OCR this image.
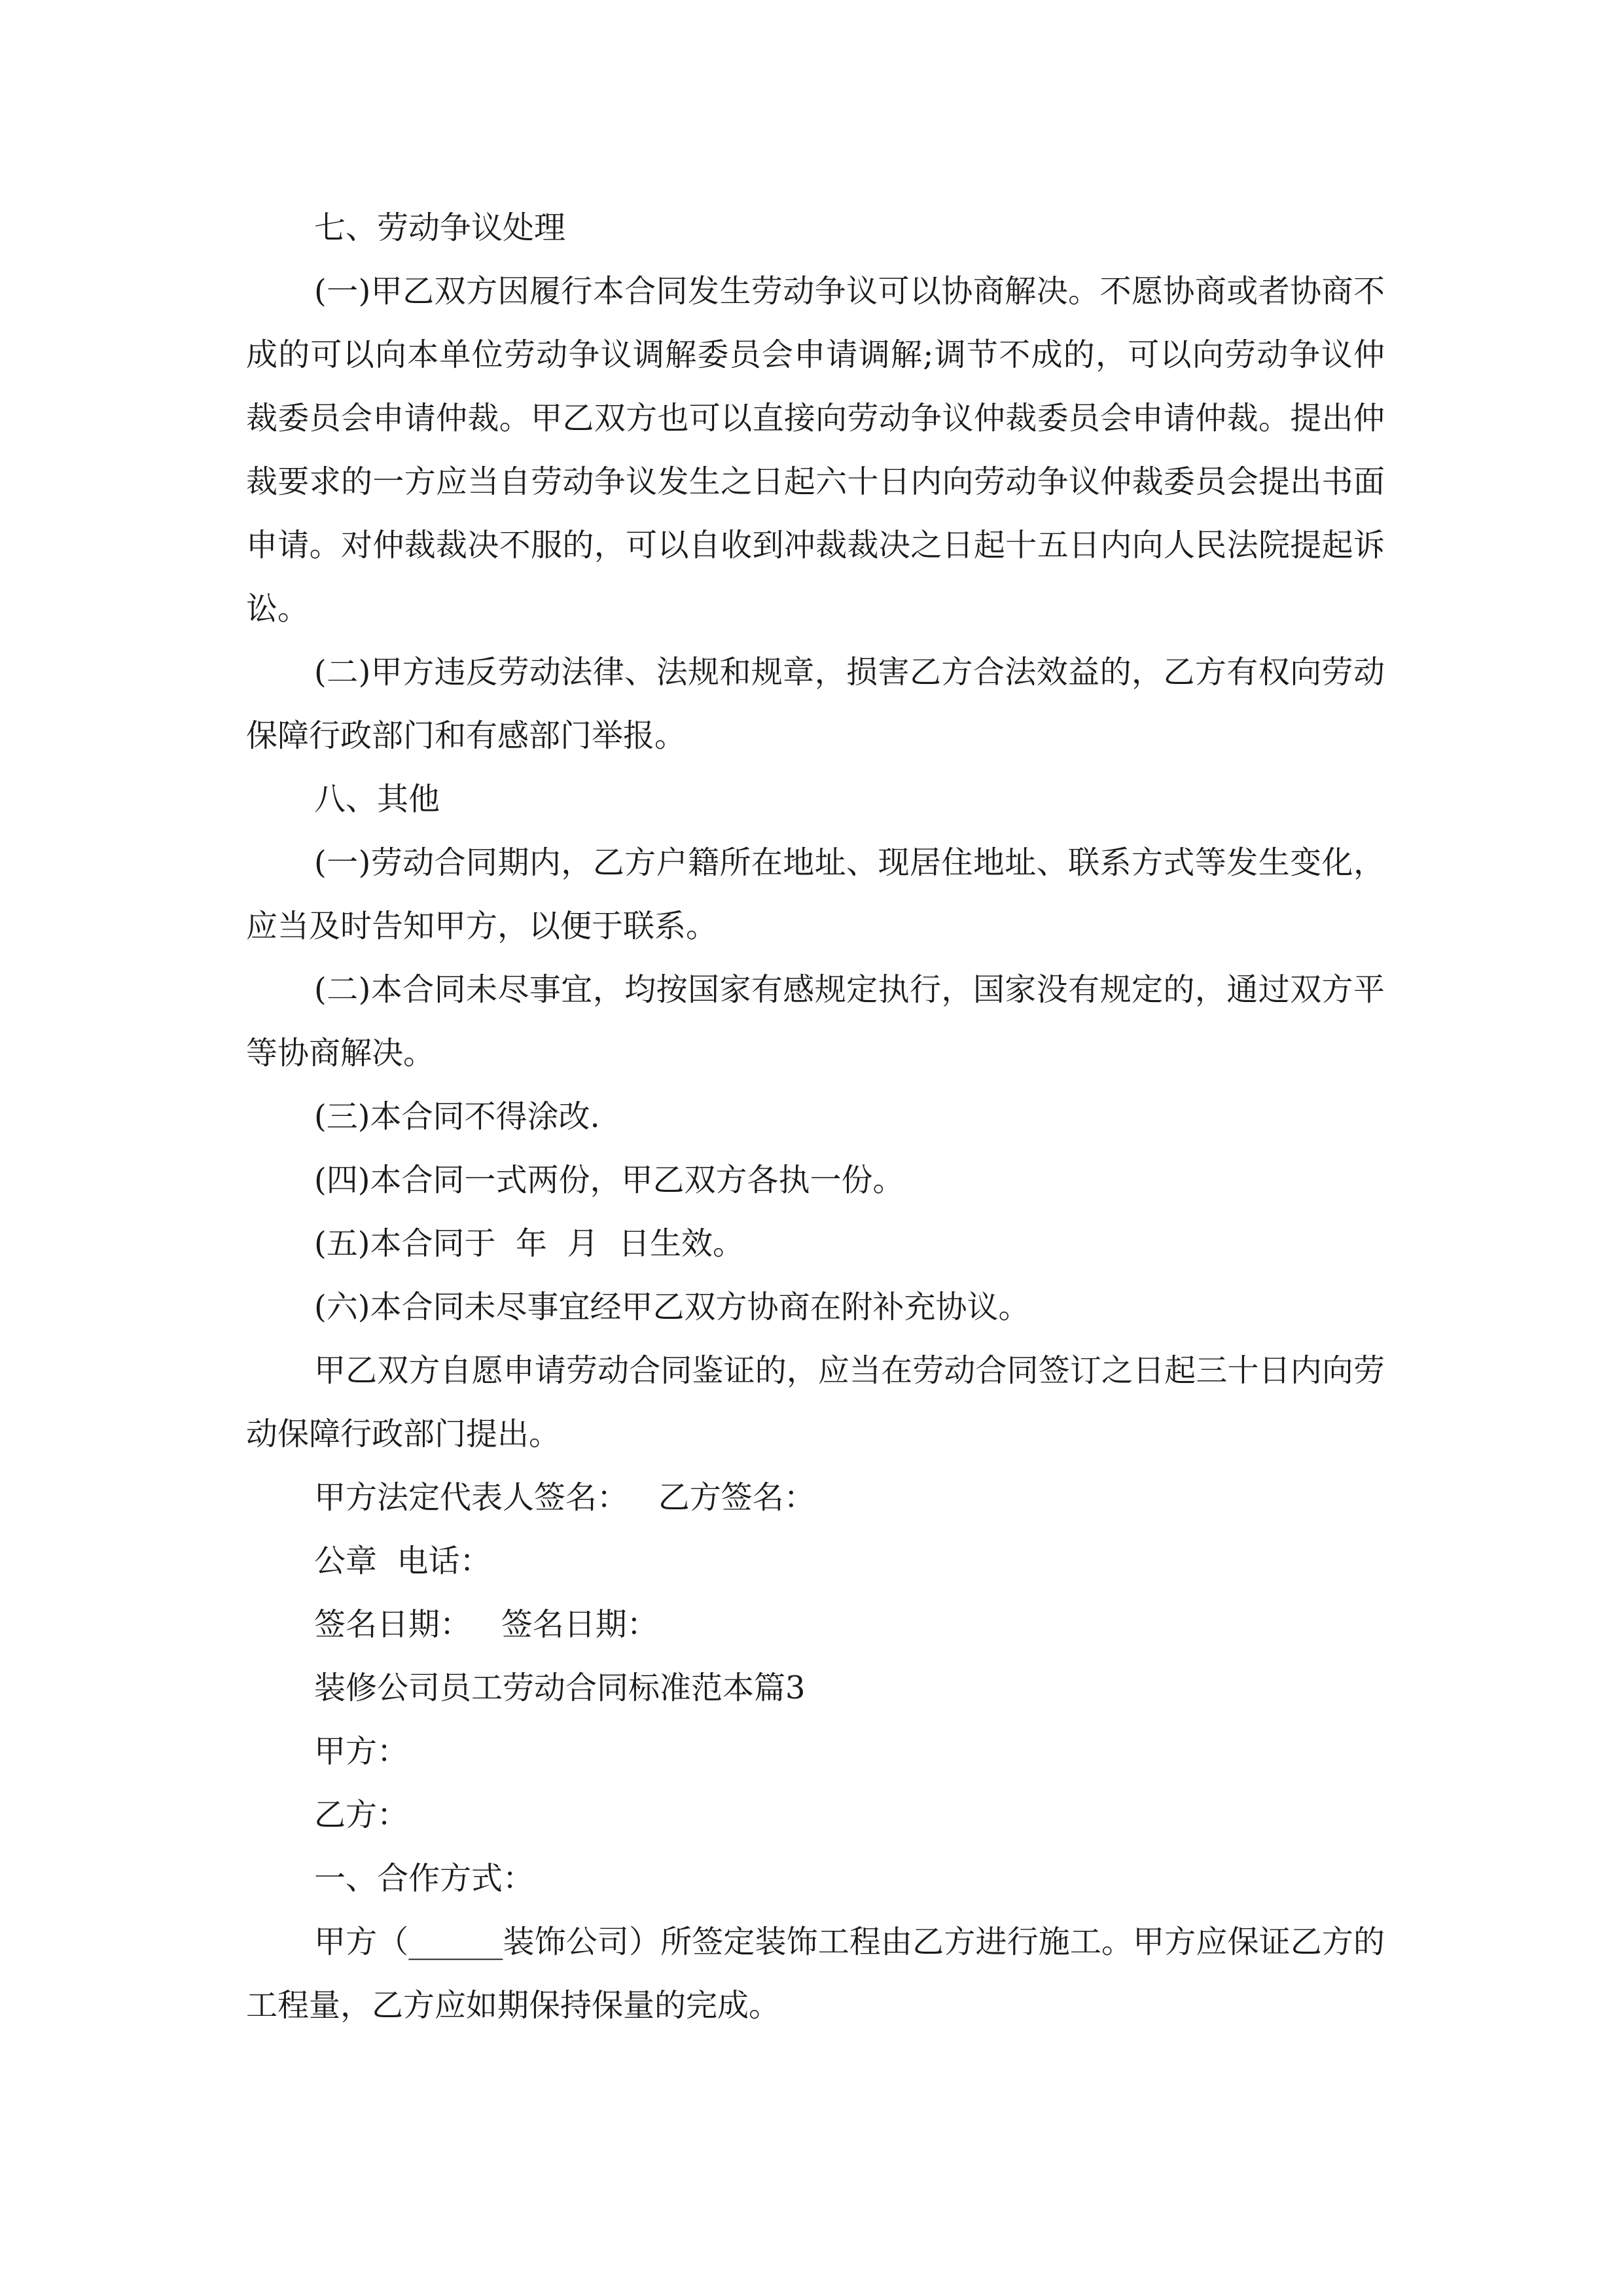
七、劳动争议处理

(一)甲乙双方因履行本合同发生劳动争议可以协商解决。不愿协商或者协商不成的可以向本单位劳动争议调解委员会申请调解;调节不成的，可以向劳动争议仲裁委员会申请仲裁。甲乙双方也可以直接向劳动争议仲裁委员会申请仲裁。提出仲裁要求的一方应当自劳动争议发生之日起六十日内向劳动争议仲裁委员会提出书面申请。对仲裁裁决不服的，可以自收到冲裁裁决之日起十五日内向人民法院提起诉讼。

(二)甲方违反劳动法律、法规和规章，损害乙方合法效益的，乙方有权向劳动保障行政部门和有感部门举报。

八、其他

(一)劳动合同期内，乙方户籍所在地址、现居住地址、联系方式等发生变化，应当及时告知甲方，以便于联系。

(二)本合同未尽事宜，均按国家有感规定执行，国家没有规定的，通过双方平等协商解决。

(三)本合同不得涂改.

(四)本合同一式两份，甲乙双方各执一份。

(五)本合同于  年  月  日生效。

(六)本合同未尽事宜经甲乙双方协商在附补充协议。

甲乙双方自愿申请劳动合同鉴证的，应当在劳动合同签订之日起三十日内向劳动保障行政部门提出。

甲方法定代表人签名：   乙方签名：

公章  电话：

签名日期：   签名日期：

装修公司员工劳动合同标准范本篇3

甲方：

乙方：

一、合作方式：

甲方（______装饰公司）所签定装饰工程由乙方进行施工。甲方应保证乙方的工程量，乙方应如期保持保量的完成。
